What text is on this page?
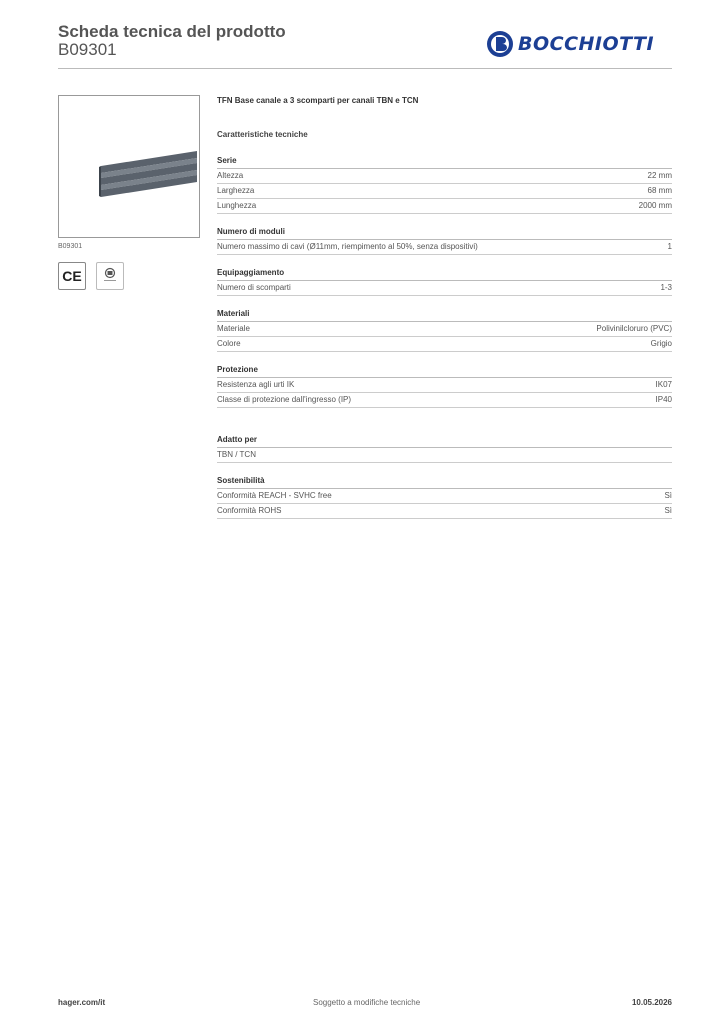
Scheda tecnica del prodotto
B09301	BOCCHIOTTI
B09301
CE
TFN Base canale a 3 scomparti per canali TBN e TCN
Caratteristiche tecniche
Serie
Altezza	22 mm
Larghezza	68 mm
Lunghezza	2000 mm
Numero di moduli
Numero massimo di cavi (Ø11mm, riempimento al 50%, senza dispositivi)	1
Equipaggiamento
Numero di scomparti	1-3
Materiali
Materiale	Polivinilcloruro (PVC)
Colore	Grigio
Protezione
Resistenza agli urti IK	IK07
Classe di protezione dall'ingresso (IP)	IP40
Adatto per
TBN / TCN
Sostenibilità
Conformità REACH - SVHC free	Sì
Conformità ROHS	Sì
hager.com/it	Soggetto a modifiche tecniche	10.05.2026
